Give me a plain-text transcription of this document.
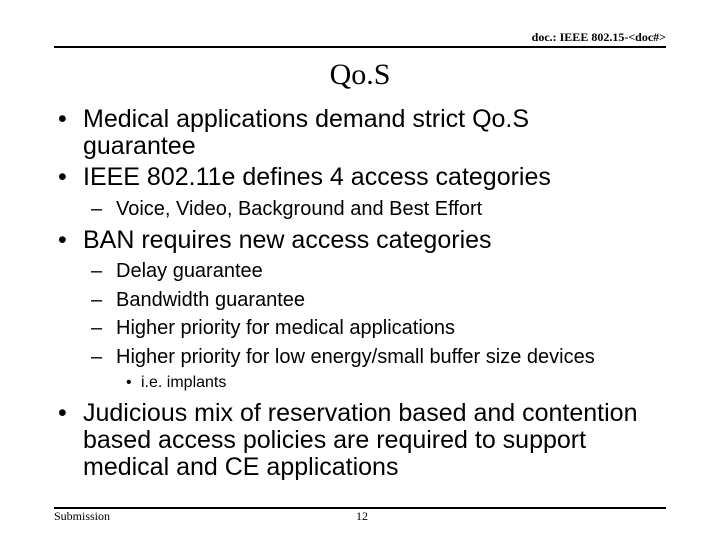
doc.: IEEE 802.15-<doc#>
Qo.S
• Medical applications demand strict Qo.S
guarantee
• IEEE 802.11e defines 4 access categories
– Voice, Video, Background and Best Effort
• BAN requires new access categories
– Delay guarantee
– Bandwidth guarantee
– Higher priority for medical applications
– Higher priority for low energy/small buffer size devices
• i.e. implants
• Judicious mix of reservation based and contention
based access policies are required to support
medical and CE applications
Submission	12
